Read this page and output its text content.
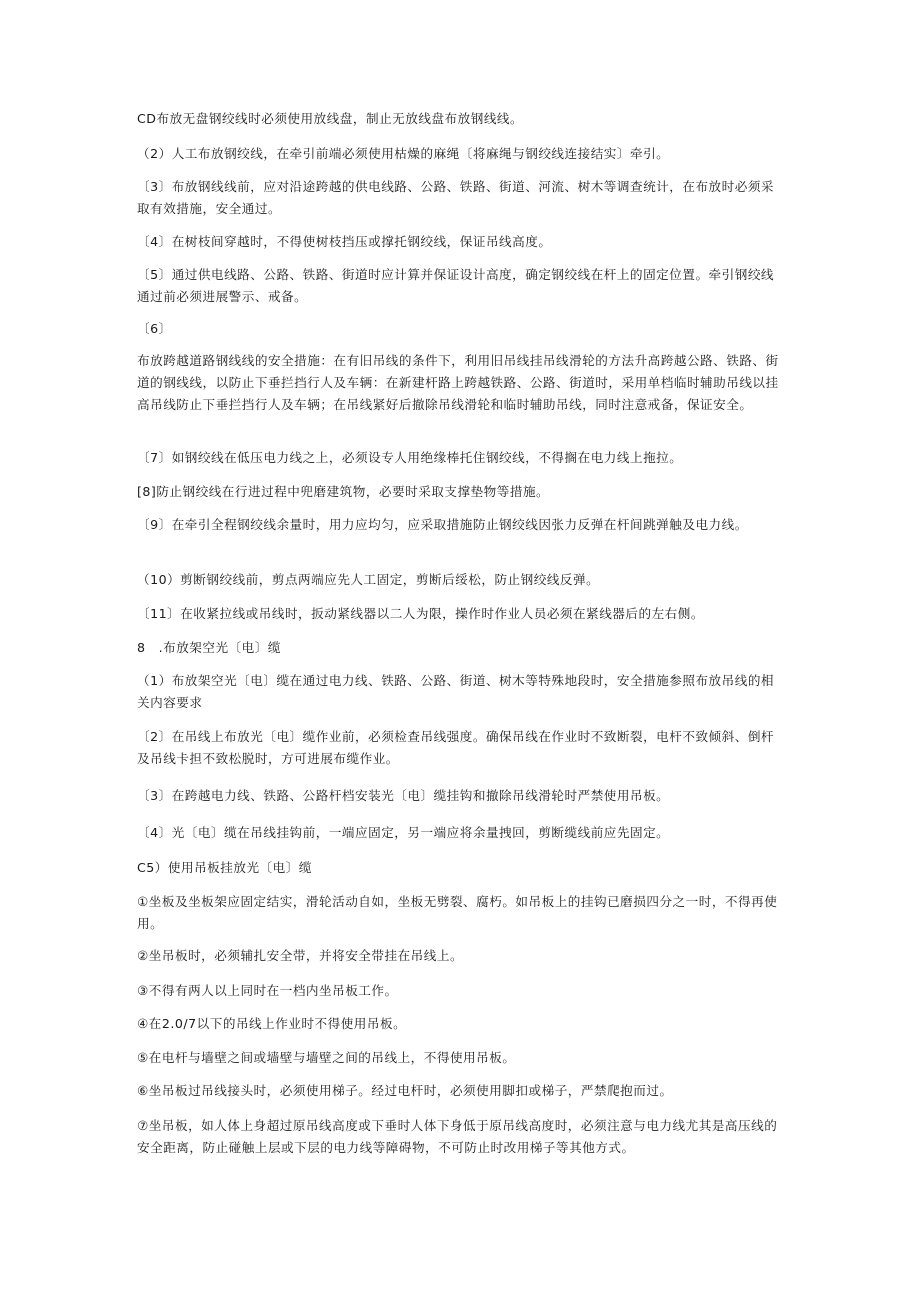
CD布放无盘钢绞线时必须使用放线盘，制止无放线盘布放钢线线。

（2）人工布放钢绞线，在牵引前端必须使用枯燥的麻绳〔将麻绳与钢绞线连接结实〕牵引。

〔3〕布放钢线线前，应对沿途跨越的供电线路、公路、铁路、街道、河流、树木等调查统计，在布放时必须采取有效措施，安全通过。

〔4〕在树枝间穿越时，不得使树枝挡压或撑托钢绞线，保证吊线高度。

〔5〕通过供电线路、公路、铁路、街道时应计算并保证设计高度，确定钢绞线在杆上的固定位置。牵引钢绞线通过前必须进展警示、戒备。

〔6〕

布放跨越道路钢线线的安全措施：在有旧吊线的条件下，利用旧吊线挂吊线滑轮的方法升高跨越公路、铁路、街道的钢线线，以防止下垂拦挡行人及车辆：在新建杆路上跨越铁路、公路、街道时，采用单档临时辅助吊线以挂高吊线防止下垂拦挡行人及车辆；在吊线紧好后撤除吊线滑轮和临时辅助吊线，同时注意戒备，保证安全。

〔7〕如钢绞线在低压电力线之上，必须设专人用绝缘棒托住钢绞线，不得搁在电力线上拖拉。

[8]防止钢绞线在行进过程中兜磨建筑物，必要时采取支撑垫物等措施。

〔9〕在牵引全程钢绞线余量时，用力应均匀，应采取措施防止钢绞线因张力反弹在杆间跳弹触及电力线。

（10）剪断钢绞线前，剪点两端应先人工固定，剪断后绥松，防止钢绞线反弹。

〔11〕在收紧拉线或吊线时，扳动紧线器以二人为限，操作时作业人员必须在紧线器后的左右侧。

8　.布放架空光〔电〕缆

（1）布放架空光〔电〕缆在通过电力线、铁路、公路、街道、树木等特殊地段时，安全措施参照布放吊线的相关内容要求

〔2〕在吊线上布放光〔电〕缆作业前，必须检查吊线强度。确保吊线在作业时不致断裂，电杆不致倾斜、倒杆及吊线卡担不致松脱时，方可进展布缆作业。

〔3〕在跨越电力线、铁路、公路杆档安装光〔电〕缆挂钩和撤除吊线滑轮时严禁使用吊板。

〔4〕光〔电〕缆在吊线挂钩前，一端应固定，另一端应将余量拽回，剪断缆线前应先固定。

C5）使用吊板挂放光〔电〕缆

①坐板及坐板架应固定结实，滑轮活动自如，坐板无劈裂、腐朽。如吊板上的挂钩已磨损四分之一时，不得再使用。

②坐吊板时，必须辅扎安全带，并将安全带挂在吊线上。

③不得有两人以上同时在一档内坐吊板工作。

④在2.0/7以下的吊线上作业时不得使用吊板。

⑤在电杆与墙壁之间或墙壁与墙壁之间的吊线上，不得使用吊板。

⑥坐吊板过吊线接头时，必须使用梯子。经过电杆时，必须使用脚扣或梯子，严禁爬抱而过。

⑦坐吊板，如人体上身超过原吊线高度或下垂时人体下身低于原吊线高度时，必须注意与电力线尤其是高压线的安全距离，防止碰触上层或下层的电力线等障碍物，不可防止时改用梯子等其他方式。
